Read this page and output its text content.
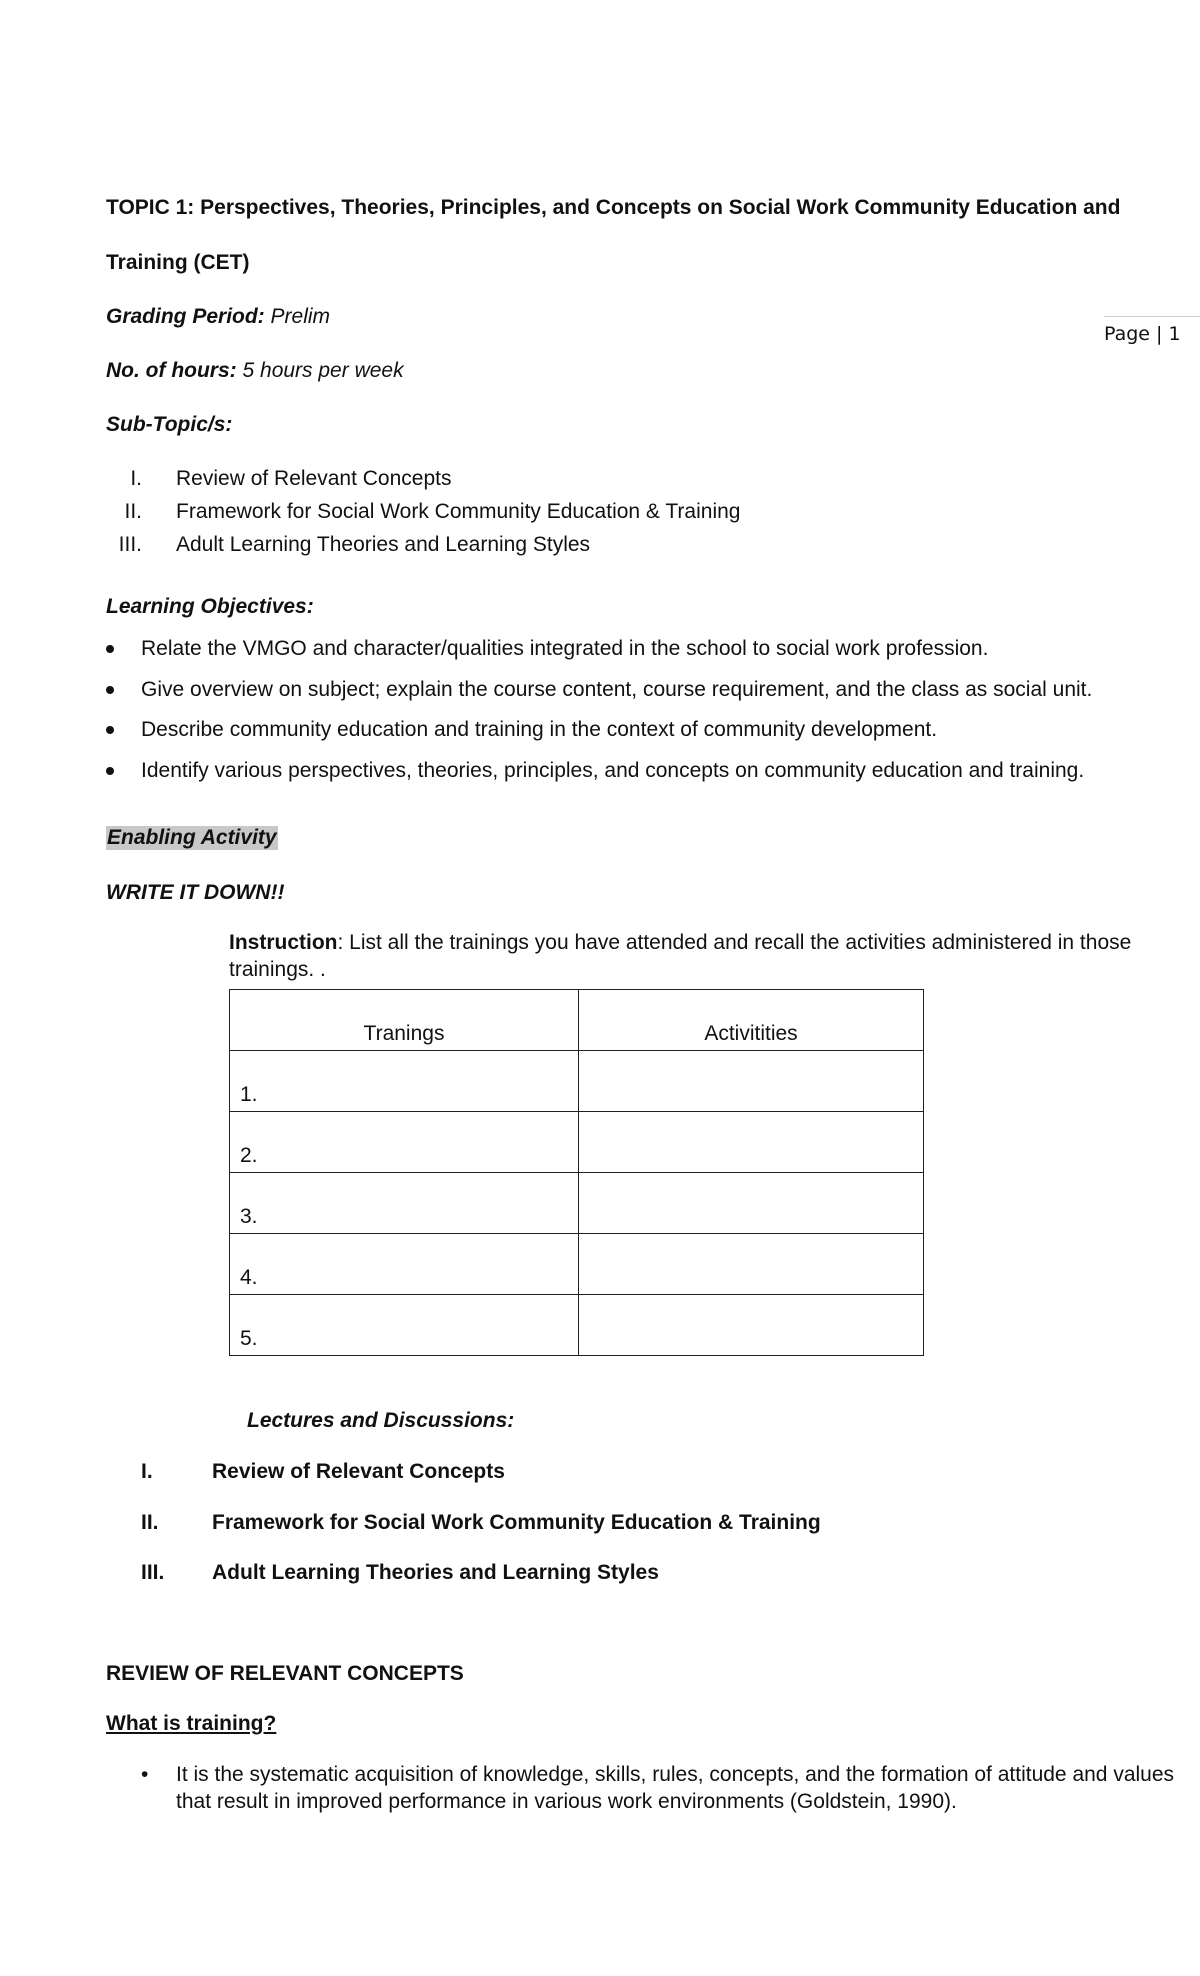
TOPIC 1: Perspectives, Theories, Principles, and Concepts on Social Work Community Education and
Training (CET)
Grading Period: Prelim
Page | 1
No. of hours: 5 hours per week
Sub-Topic/s:
I. Review of Relevant Concepts
II. Framework for Social Work Community Education & Training
III. Adult Learning Theories and Learning Styles
Learning Objectives:
Relate the VMGO and character/qualities integrated in the school to social work profession.
Give overview on subject; explain the course content, course requirement, and the class as social unit.
Describe community education and training in the context of community development.
Identify various perspectives, theories, principles, and concepts on community education and training.
Enabling Activity
WRITE IT DOWN!!
Instruction: List all the trainings you have attended and recall the activities administered in those
trainings. .
Tranings	Activitities
1.	
2.	
3.	
4.	
5.	
Lectures and Discussions:
I.	Review of Relevant Concepts
II.	Framework for Social Work Community Education & Training
III. Adult Learning Theories and Learning Styles
REVIEW OF RELEVANT CONCEPTS
What is training?
• It is the systematic acquisition of knowledge, skills, rules, concepts, and the formation of attitude and values
that result in improved performance in various work environments (Goldstein, 1990).
